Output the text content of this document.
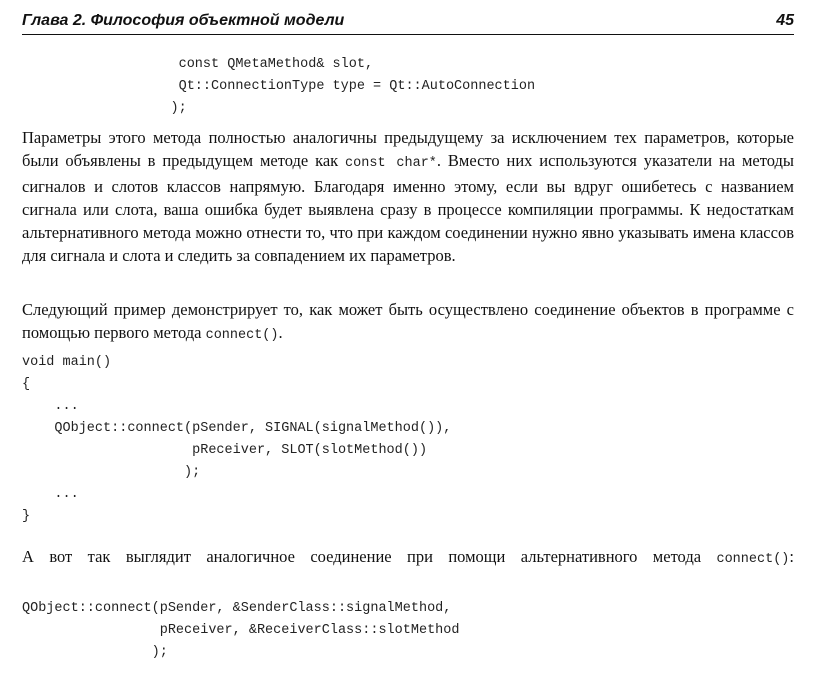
Глава 2. Философия объектной модели	45
const QMetaMethod& slot,
Qt::ConnectionType type = Qt::AutoConnection
);

Параметры этого метода полностью аналогичны предыдущему за исключением тех параметров, которые были объявлены в предыдущем методе как const char*. Вместо них используются указатели на методы сигналов и слотов классов напрямую. Благодаря именно этому, если вы вдруг ошибетесь с названием сигнала или слота, ваша ошибка будет выявлена сразу в процессе компиляции программы. К недостаткам альтернативного метода можно отнести то, что при каждом соединении нужно явно указывать имена классов для сигнала и слота и следить за совпадением их параметров.

Следующий пример демонстрирует то, как может быть осуществлено соединение объектов в программе с помощью первого метода connect().

void main()
{
...
QObject::connect(pSender, SIGNAL(signalMethod()),
pReceiver, SLOT(slotMethod())
);
...
}

А вот так выглядит аналогичное соединение при помощи альтернативного метода connect():

QObject::connect(pSender, &SenderClass::signalMethod,
pReceiver, &ReceiverClass::slotMethod
);
